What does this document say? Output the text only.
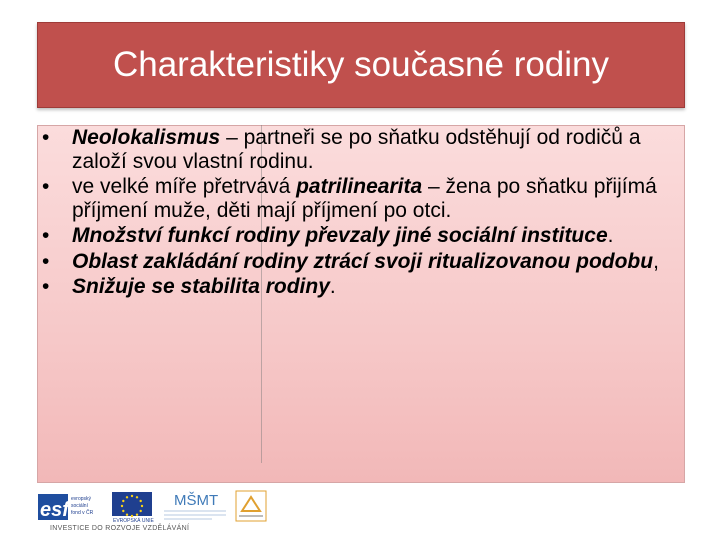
Charakteristiky současné rodiny
• Neolokalismus – partneři se po sňatku odstěhují od rodičů a založí svou vlastní rodinu.
• ve velké míře přetrvává patrilinearita – žena po sňatku přijímá příjmení muže, děti mají příjmení po otci.
• Množství funkcí rodiny převzaly jiné sociální instituce.
• Oblast zakládání rodiny ztrácí svoji ritualizovanou podobu,
• Snižuje se stabilita rodiny.
esf evropský
sociální
fond v ČR
EVROPSKÁ UNIE
MŠMT
INVESTICE DO ROZVOJE VZDĚLÁVÁNÍ
